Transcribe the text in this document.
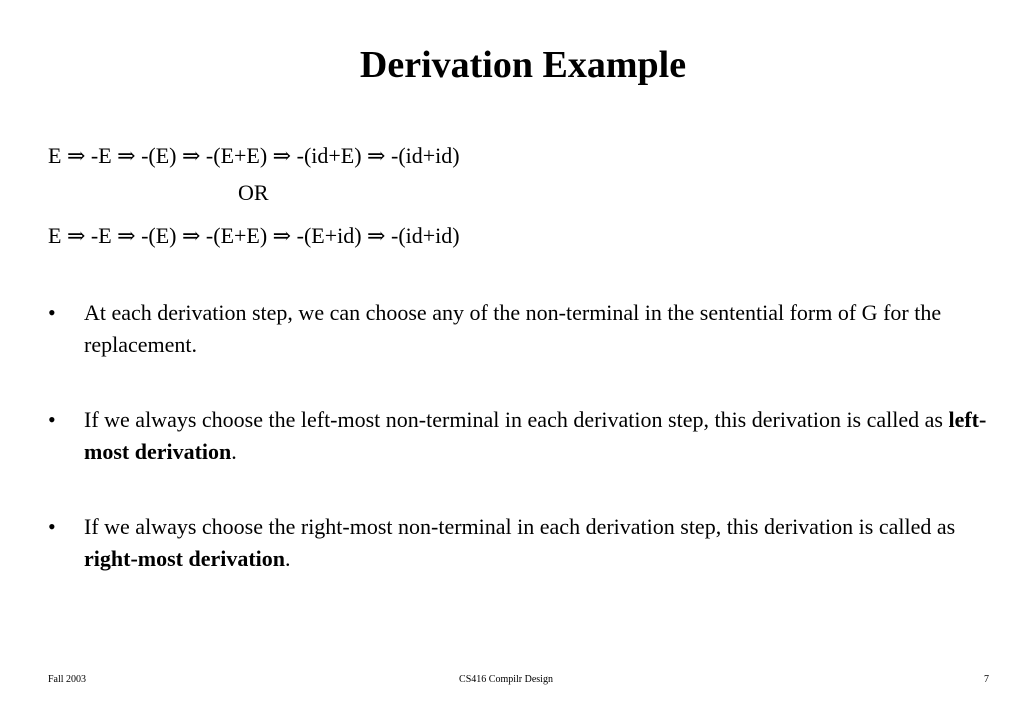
Derivation Example
E ⇒ -E ⇒ -(E) ⇒ -(E+E) ⇒ -(id+E) ⇒ -(id+id)
OR
E ⇒ -E ⇒ -(E) ⇒ -(E+E) ⇒ -(E+id) ⇒ -(id+id)
• At each derivation step, we can choose any of the non-terminal in the sentential form of G for the replacement.
• If we always choose the left-most non-terminal in each derivation step, this derivation is called as left-most derivation.
• If we always choose the right-most non-terminal in each derivation step, this derivation is called as right-most derivation.
Fall 2003	CS416 Compilr Design	7
